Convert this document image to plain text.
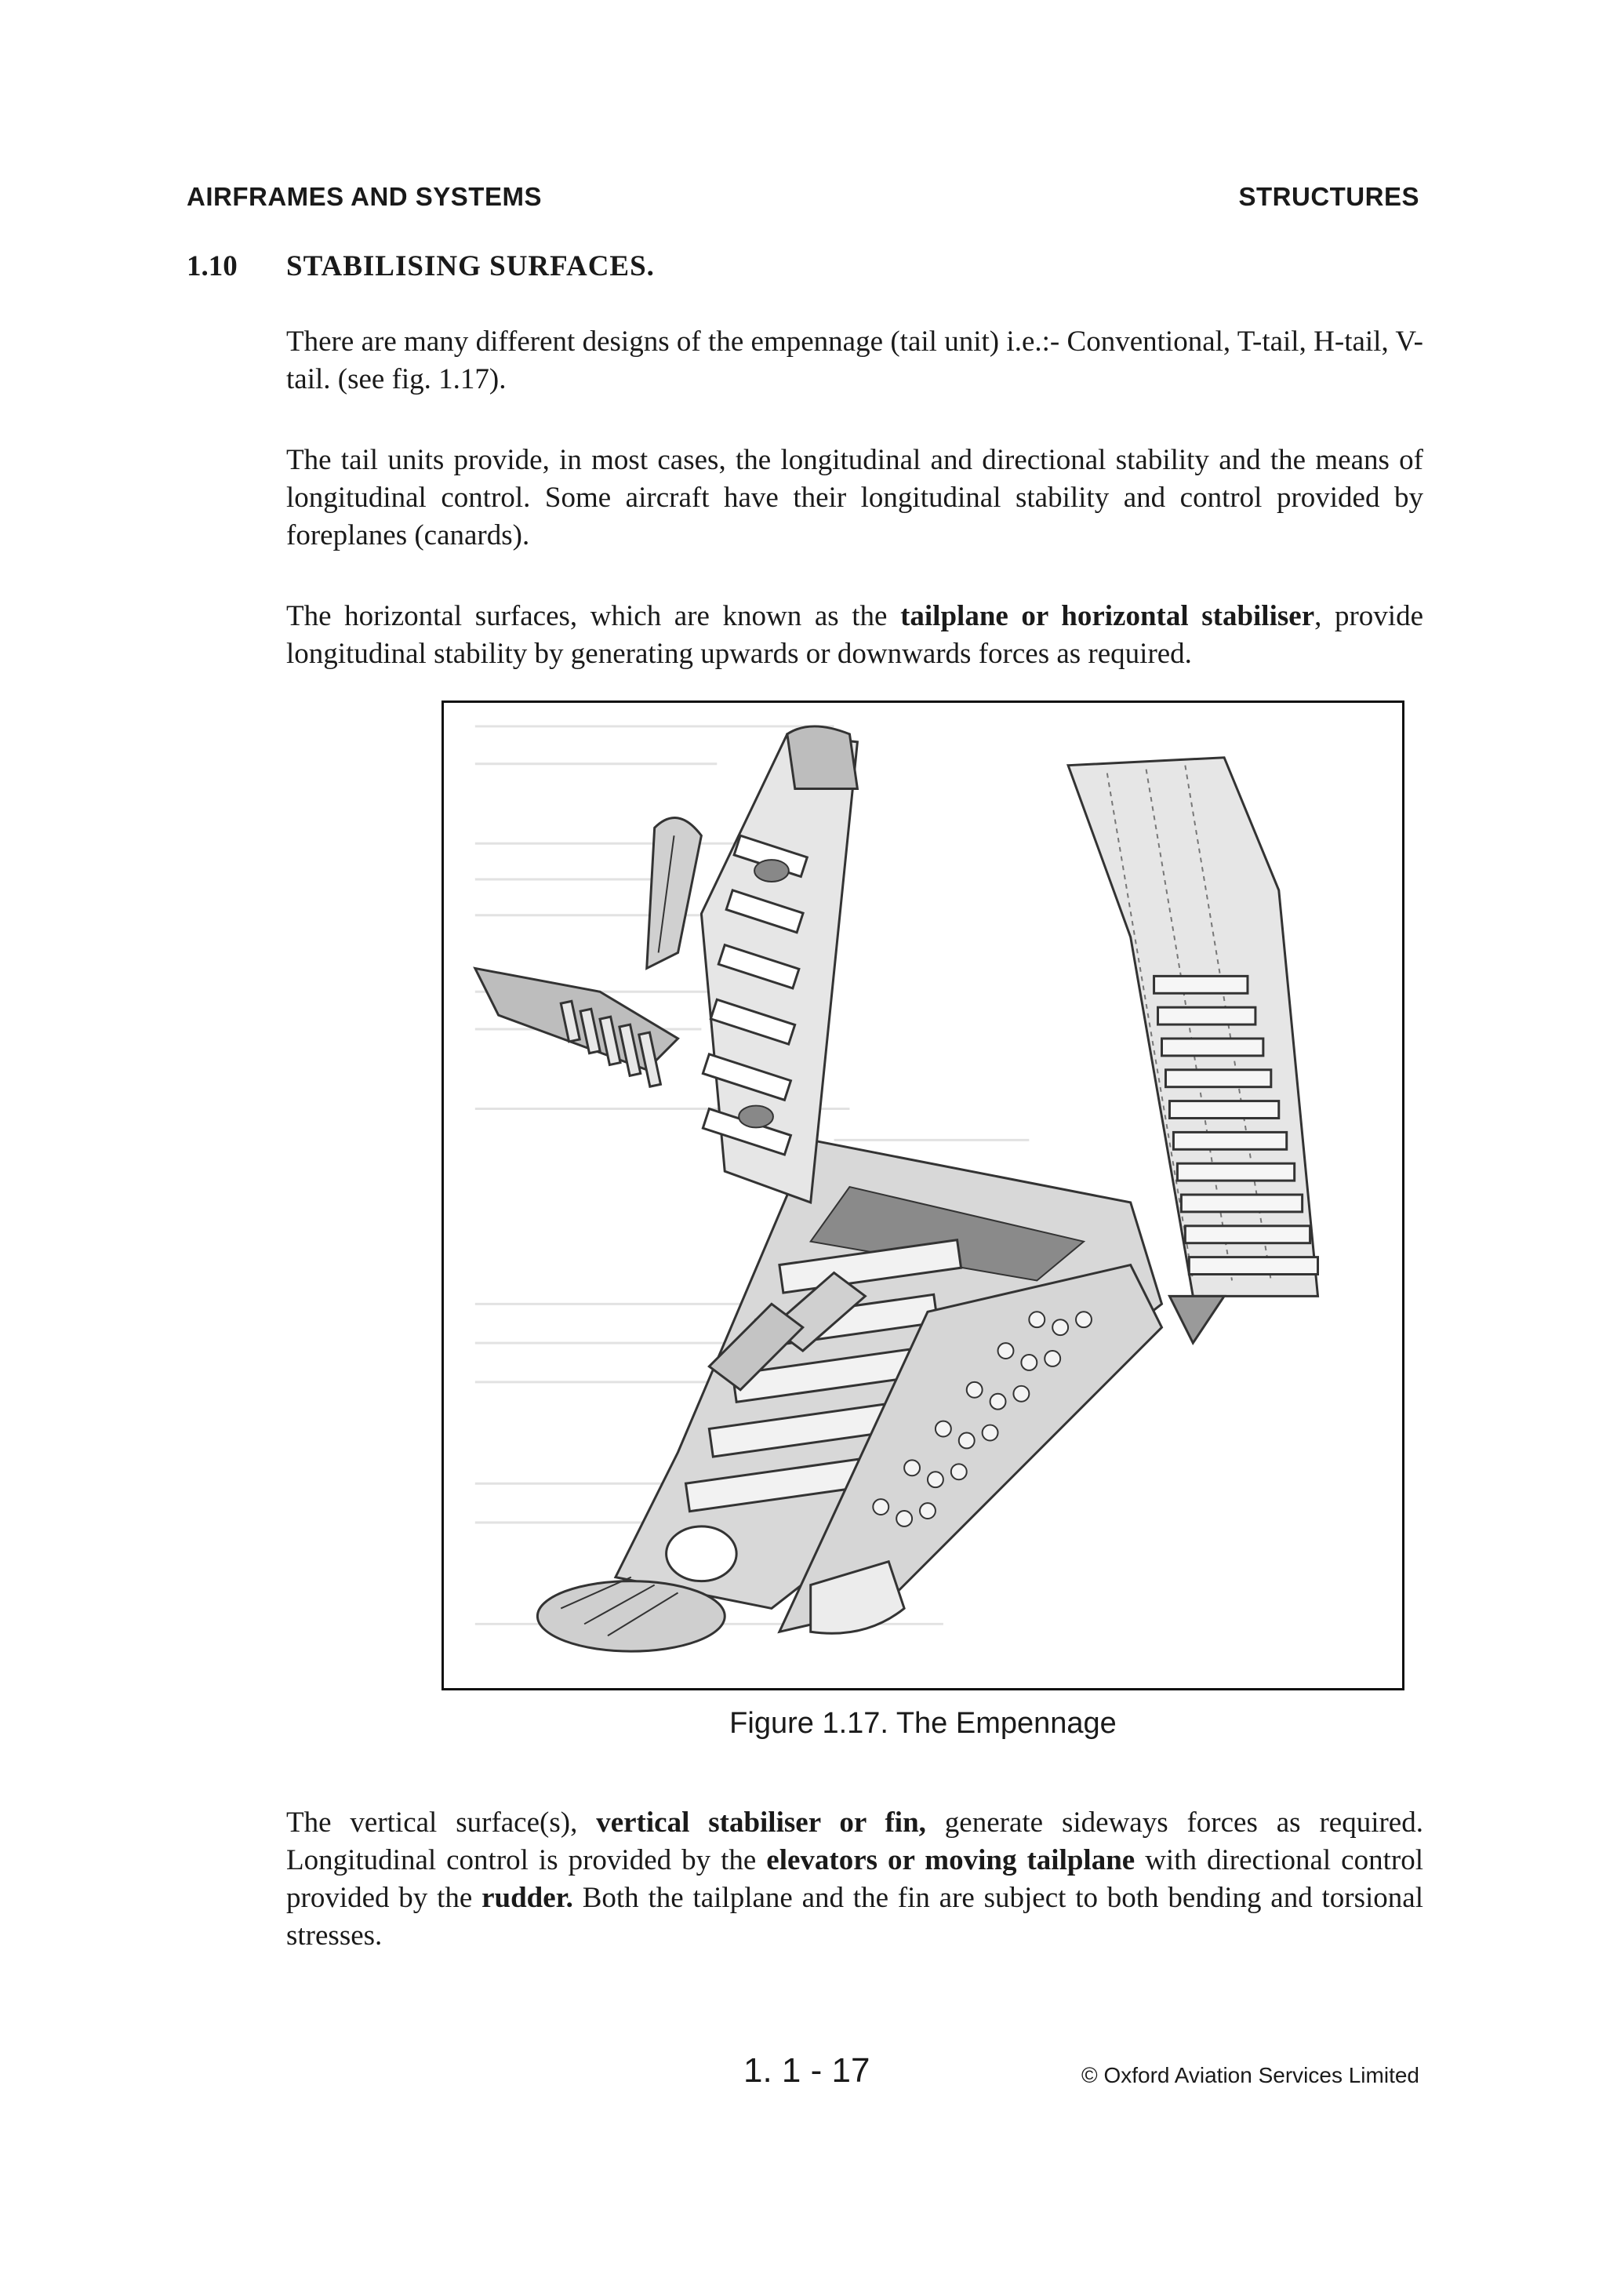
AIRFRAMES AND SYSTEMS	STRUCTURES
1.10 STABILISING SURFACES.
There are many different designs of the empennage (tail unit) i.e.:- Conventional, T-tail, H-tail, V-tail. (see fig. 1.17).
The tail units provide, in most cases, the longitudinal and directional stability and the means of longitudinal control. Some aircraft have their longitudinal stability and control provided by foreplanes (canards).
The horizontal surfaces, which are known as the tailplane or horizontal stabiliser, provide longitudinal stability by generating upwards or downwards forces as required.
Figure 1.17. The Empennage
The vertical surface(s), vertical stabiliser or fin, generate sideways forces as required. Longitudinal control is provided by the elevators or moving tailplane with directional control provided by the rudder. Both the tailplane and the fin are subject to both bending and torsional stresses.
1. 1 - 17	© Oxford Aviation Services Limited
